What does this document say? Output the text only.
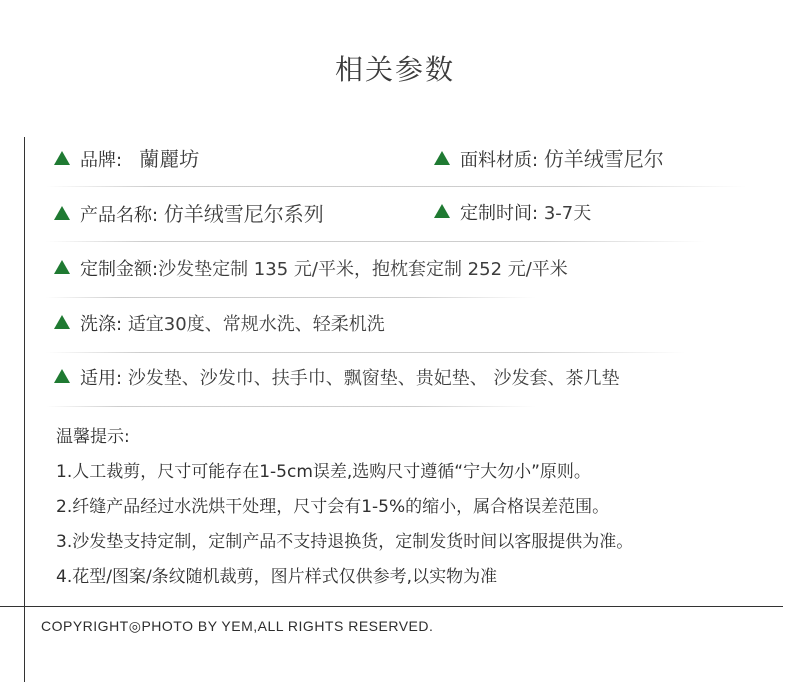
相关参数
品牌: 蘭麗坊	面料材质: 仿羊绒雪尼尔
产品名称: 仿羊绒雪尼尔系列	定制时间: 3-7天
定制金额:沙发垫定制 135 元/平米，抱枕套定制 252 元/平米
洗涤: 适宜30度、常规水洗、轻柔机洗
适用: 沙发垫、沙发巾、扶手巾、飘窗垫、贵妃垫、 沙发套、茶几垫
温馨提示:
1.人工裁剪，尺寸可能存在1-5cm误差,选购尺寸遵循“宁大勿小”原则。
2.纤缝产品经过水洗烘干处理，尺寸会有1-5%的缩小，属合格误差范围。
3.沙发垫支持定制，定制产品不支持退换货，定制发货时间以客服提供为准。
4.花型/图案/条纹随机裁剪，图片样式仅供参考,以实物为准
COPYRIGHT◎PHOTO BY YEM,ALL RIGHTS RESERVED.
